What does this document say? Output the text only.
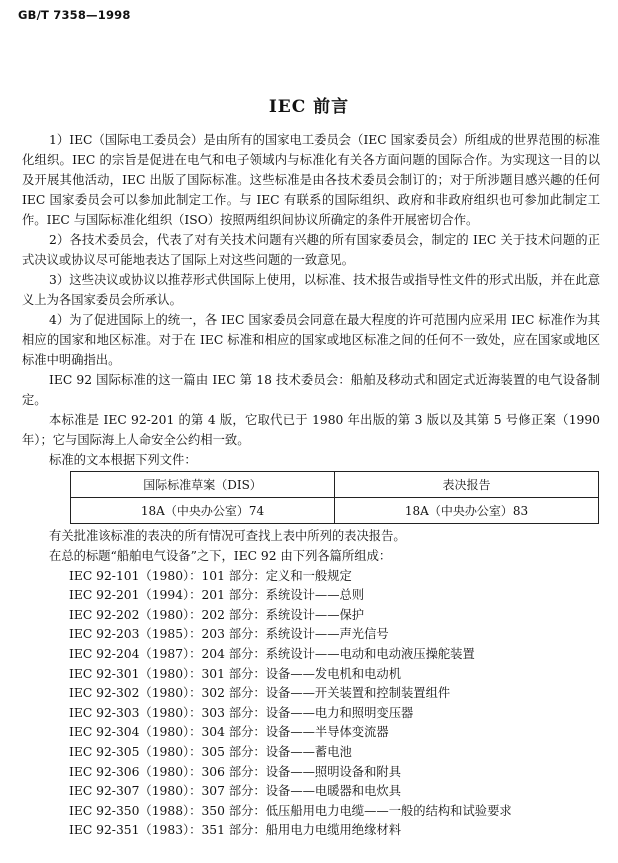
GB/T 7358—1998
IEC 前言

1）IEC（国际电工委员会）是由所有的国家电工委员会（IEC 国家委员会）所组成的世界范围的标准化组织。IEC 的宗旨是促进在电气和电子领域内与标准化有关各方面问题的国际合作。为实现这一目的以及开展其他活动，IEC 出版了国际标准。这些标准是由各技术委员会制订的；对于所涉题目感兴趣的任何 IEC 国家委员会可以参加此制定工作。与 IEC 有联系的国际组织、政府和非政府组织也可参加此制定工作。IEC 与国际标准化组织（ISO）按照两组织间协议所确定的条件开展密切合作。

2）各技术委员会，代表了对有关技术问题有兴趣的所有国家委员会，制定的 IEC 关于技术问题的正式决议或协议尽可能地表达了国际上对这些问题的一致意见。

3）这些决议或协议以推荐形式供国际上使用，以标准、技术报告或指导性文件的形式出版，并在此意义上为各国家委员会所承认。

4）为了促进国际上的统一，各 IEC 国家委员会同意在最大程度的许可范围内应采用 IEC 标准作为其相应的国家和地区标准。对于在 IEC 标准和相应的国家或地区标准之间的任何不一致处，应在国家或地区标准中明确指出。

IEC 92 国际标准的这一篇由 IEC 第 18 技术委员会：船舶及移动式和固定式近海装置的电气设备制定。

本标准是 IEC 92-201 的第 4 版，它取代已于 1980 年出版的第 3 版以及其第 5 号修正案（1990 年）；它与国际海上人命安全公约相一致。

标准的文本根据下列文件：

国际标准草案（DIS）	表决报告
18A（中央办公室）74	18A（中央办公室）83

有关批准该标准的表决的所有情况可查找上表中所列的表决报告。

在总的标题“船舶电气设备”之下，IEC 92 由下列各篇所组成：

IEC 92-101（1980）：101 部分：定义和一般规定
IEC 92-201（1994）：201 部分：系统设计——总则
IEC 92-202（1980）：202 部分：系统设计——保护
IEC 92-203（1985）：203 部分：系统设计——声光信号
IEC 92-204（1987）：204 部分：系统设计——电动和电动液压操舵装置
IEC 92-301（1980）：301 部分：设备——发电机和电动机
IEC 92-302（1980）：302 部分：设备——开关装置和控制装置组件
IEC 92-303（1980）：303 部分：设备——电力和照明变压器
IEC 92-304（1980）：304 部分：设备——半导体变流器
IEC 92-305（1980）：305 部分：设备——蓄电池
IEC 92-306（1980）：306 部分：设备——照明设备和附具
IEC 92-307（1980）：307 部分：设备——电暖器和电炊具
IEC 92-350（1988）：350 部分：低压船用电力电缆——一般的结构和试验要求
IEC 92-351（1983）：351 部分：船用电力电缆用绝缘材料
